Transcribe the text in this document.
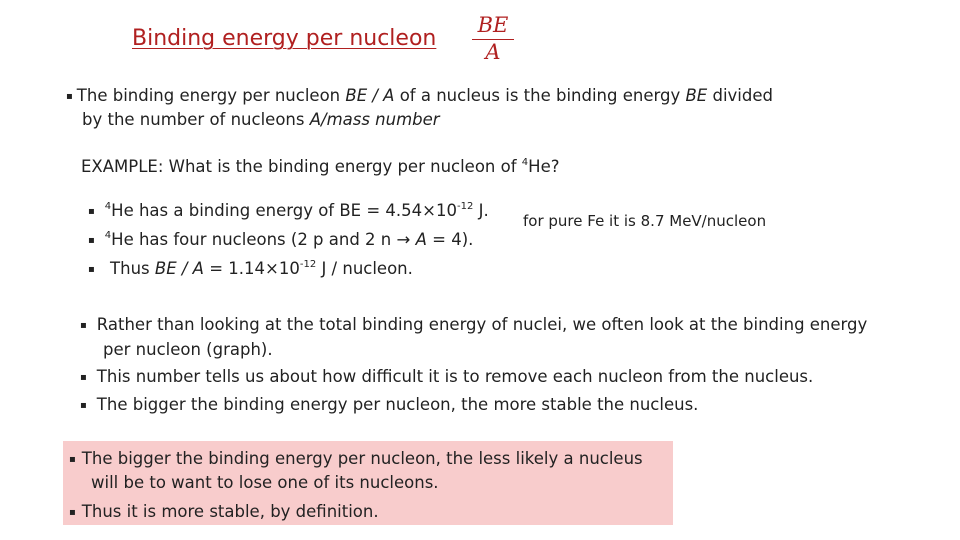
Binding energy per nucleon
BE
A
▪ The binding energy per nucleon BE / A of a nucleus is the binding energy BE divided
by the number of nucleons A/mass number
EXAMPLE: What is the binding energy per nucleon of $^4$He?
▪ $^4$He has a binding energy of BE = $4.54\times 10^{-12}$ J.
▪ $^4$He has four nucleons (2 p and 2 n → A = 4).
▪ Thus BE / $A = 1.14\times 10^{-12}$ J / nucleon.
for pure Fe it is 8.7 MeV/nucleon
▪ Rather than looking at the total binding energy of nuclei, we often look at the binding energy
per nucleon (graph).
▪ This number tells us about how difficult it is to remove each nucleon from the nucleus.
▪ The bigger the binding energy per nucleon, the more stable the nucleus.
▪ The bigger the binding energy per nucleon, the less likely a nucleus
will be to want to lose one of its nucleons.
▪ Thus it is more stable, by definition.
